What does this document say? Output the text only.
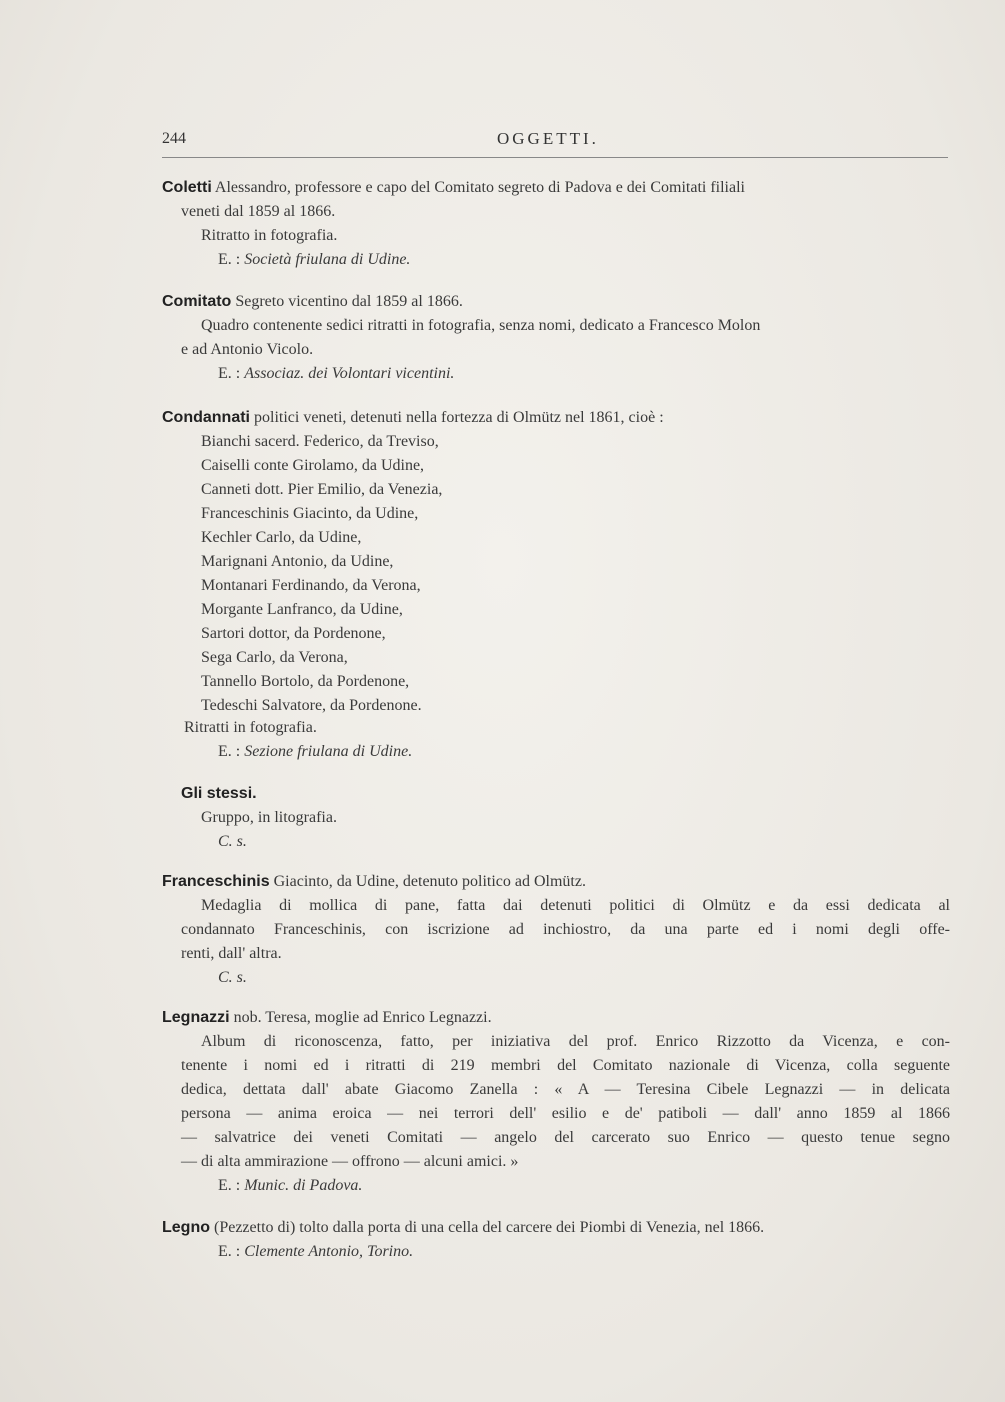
244	OGGETTI.
Coletti Alessandro, professore e capo del Comitato segreto di Padova e dei Comitati filiali
veneti dal 1859 al 1866.
Ritratto in fotografia.
E. : Società friulana di Udine.
Comitato Segreto vicentino dal 1859 al 1866.
Quadro contenente sedici ritratti in fotografia, senza nomi, dedicato a Francesco Molon
e ad Antonio Vicolo.
E. : Associaz. dei Volontari vicentini.
Condannati politici veneti, detenuti nella fortezza di Olmütz nel 1861, cioè :
Bianchi sacerd. Federico, da Treviso,
Caiselli conte Girolamo, da Udine,
Canneti dott. Pier Emilio, da Venezia,
Franceschinis Giacinto, da Udine,
Kechler Carlo, da Udine,
Marignani Antonio, da Udine,
Montanari Ferdinando, da Verona,
Morgante Lanfranco, da Udine,
Sartori dottor, da Pordenone,
Sega Carlo, da Verona,
Tannello Bortolo, da Pordenone,
Tedeschi Salvatore, da Pordenone.
Ritratti in fotografia.
E. : Sezione friulana di Udine.
Gli stessi.
Gruppo, in litografia.
C. s.
Franceschinis Giacinto, da Udine, detenuto politico ad Olmütz.
Medaglia di mollica di pane, fatta dai detenuti politici di Olmütz e da essi dedicata al
condannato Franceschinis, con iscrizione ad inchiostro, da una parte ed i nomi degli offe-
renti, dall' altra.
C. s.
Legnazzi nob. Teresa, moglie ad Enrico Legnazzi.
Album di riconoscenza, fatto, per iniziativa del prof. Enrico Rizzotto da Vicenza, e con-
tenente i nomi ed i ritratti di 219 membri del Comitato nazionale di Vicenza, colla seguente
dedica, dettata dall' abate Giacomo Zanella : « A — Teresina Cibele Legnazzi — in delicata
persona — anima eroica — nei terrori dell' esilio e de' patiboli — dall' anno 1859 al 1866
— salvatrice dei veneti Comitati — angelo del carcerato suo Enrico — questo tenue segno
— di alta ammirazione — offrono — alcuni amici. »
E. : Munic. di Padova.
Legno (Pezzetto di) tolto dalla porta di una cella del carcere dei Piombi di Venezia, nel 1866.
E. : Clemente Antonio, Torino.
